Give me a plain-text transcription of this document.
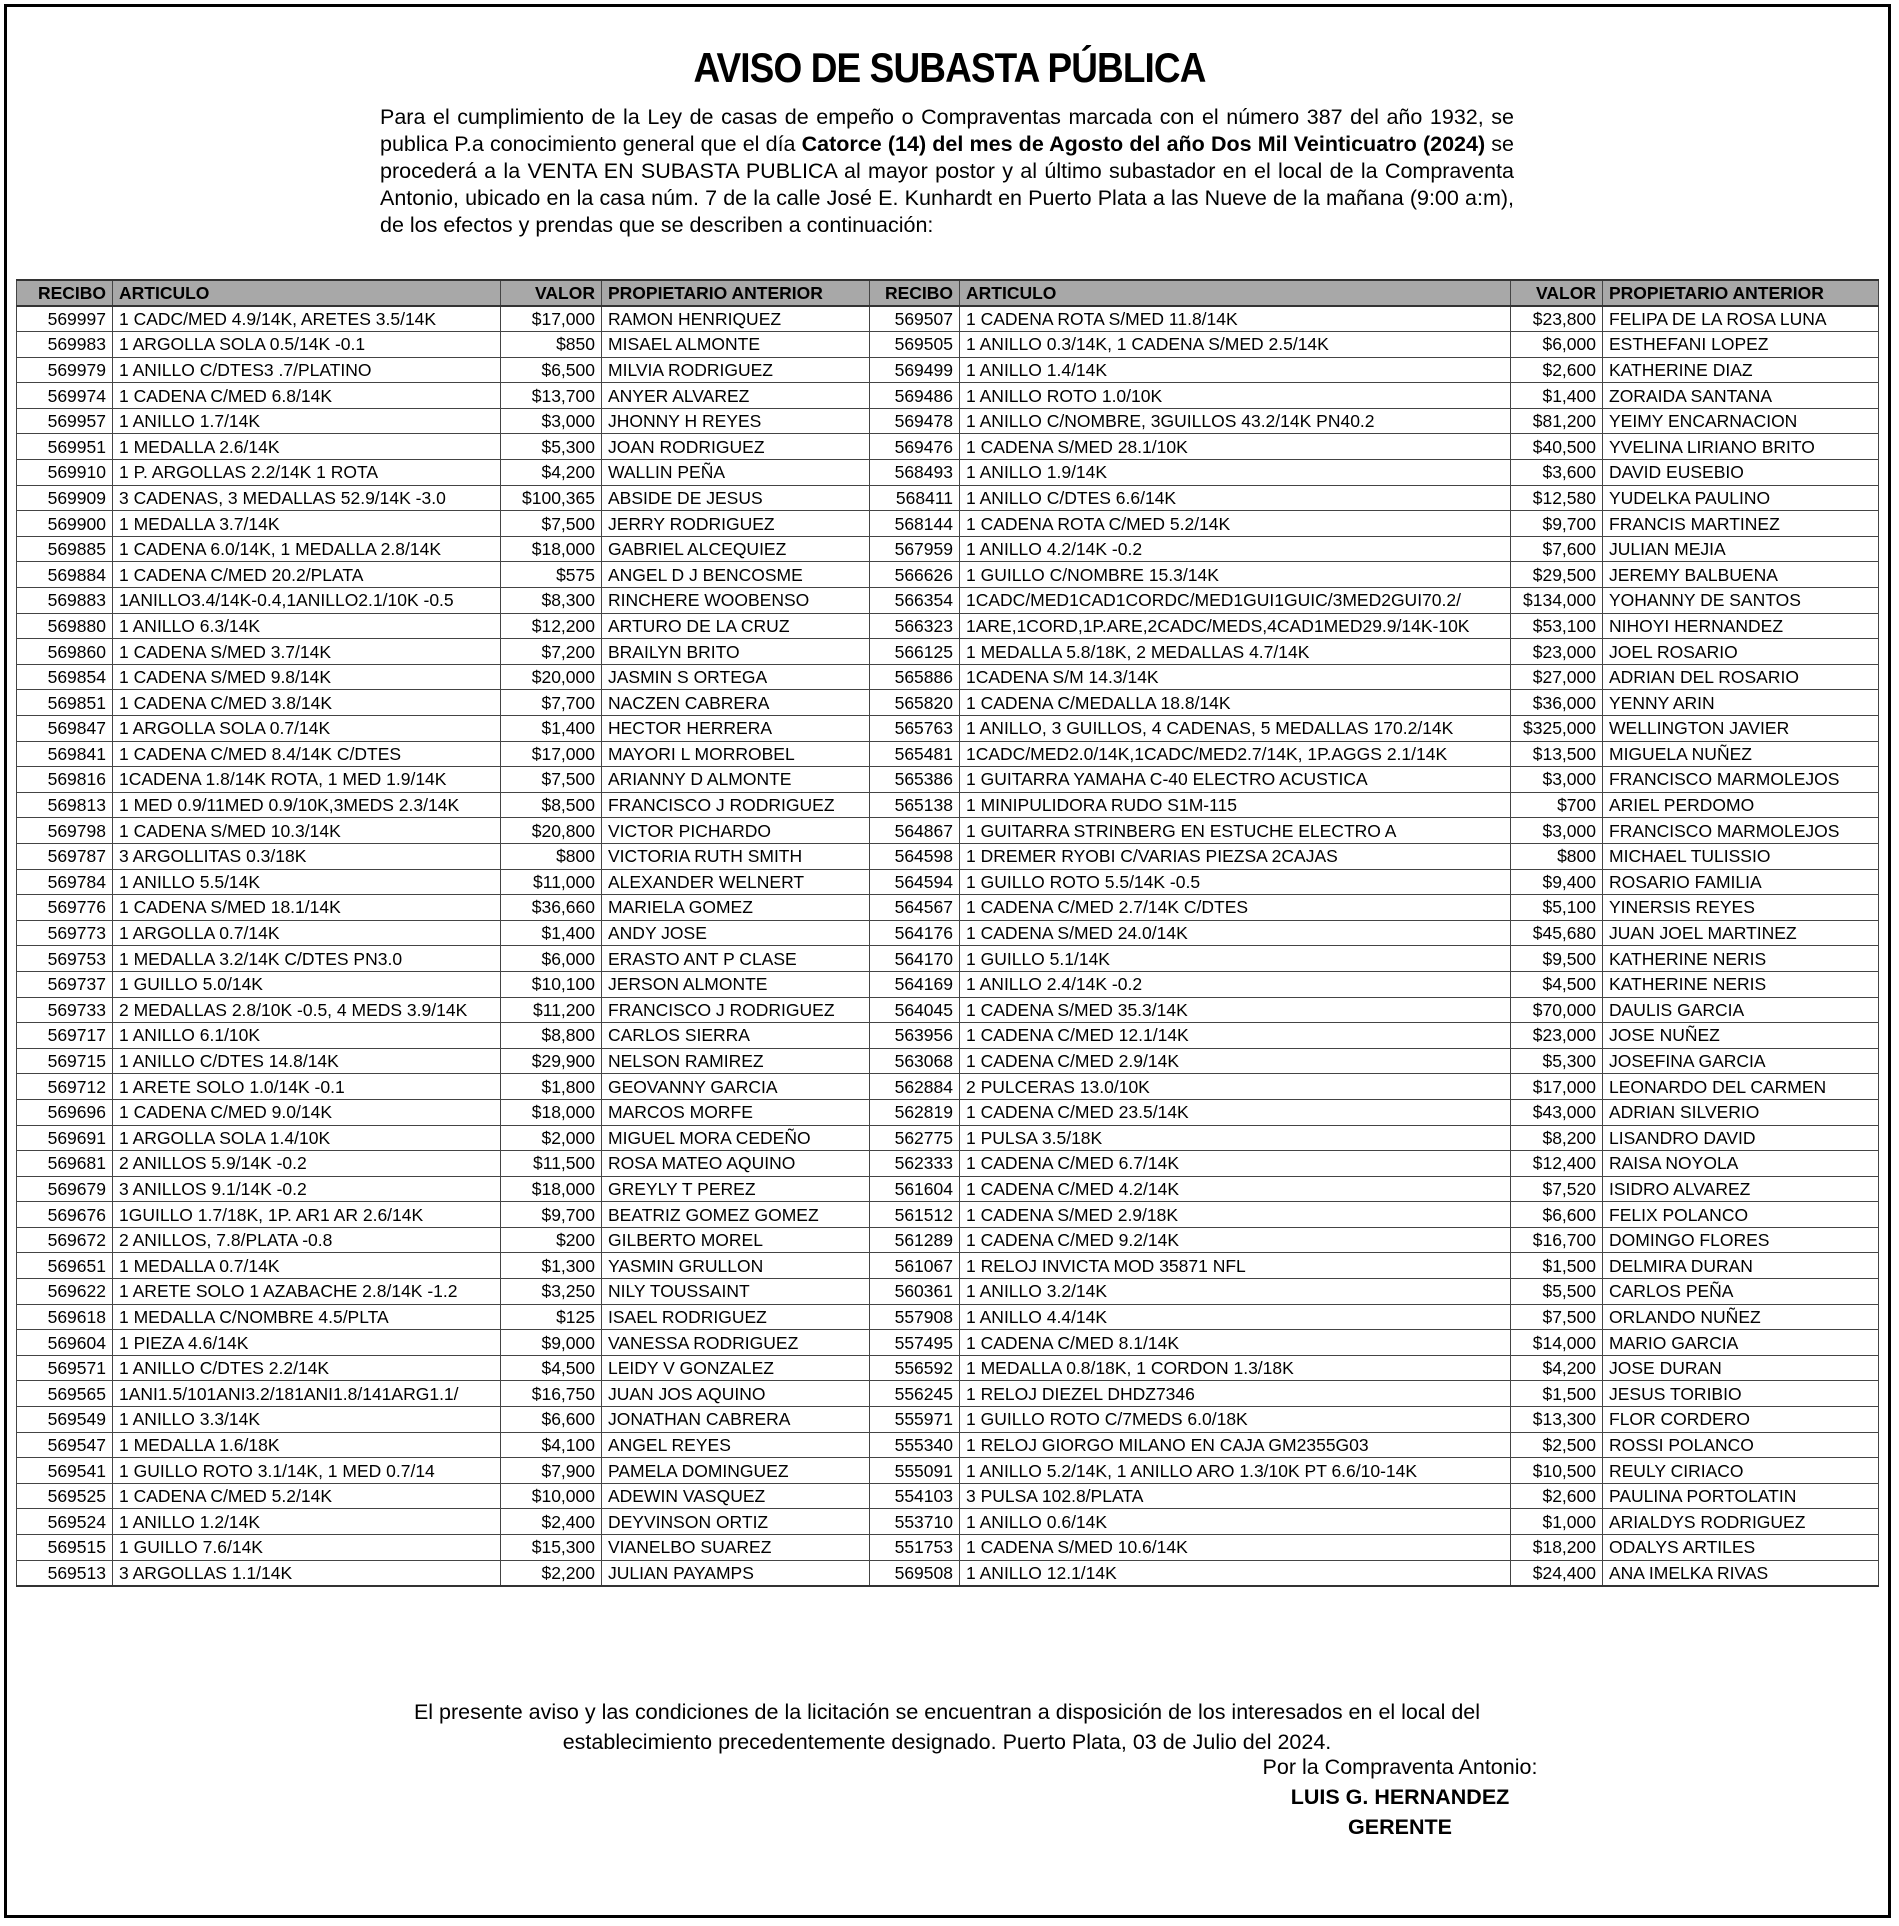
AVISO DE SUBASTA PÚBLICA
Para el cumplimiento de la Ley de casas de empeño o Compraventas marcada con el número 387 del año 1932, se publica P.a conocimiento general que el día Catorce (14) del mes de Agosto del año Dos Mil Veinticuatro (2024) se procederá a la VENTA EN SUBASTA PUBLICA al mayor postor y al último subastador en el local de la Compraventa Antonio, ubicado en la casa núm. 7 de la calle José E. Kunhardt en Puerto Plata a las Nueve de la mañana (9:00 a:m), de los efectos y prendas que se describen a continuación:
RECIBO	ARTICULO	VALOR	PROPIETARIO ANTERIOR	RECIBO	ARTICULO	VALOR	PROPIETARIO ANTERIOR
569997	1 CADC/MED 4.9/14K, ARETES 3.5/14K	$17,000	RAMON HENRIQUEZ	569507	1 CADENA ROTA S/MED 11.8/14K	$23,800	FELIPA DE LA ROSA LUNA
569983	1 ARGOLLA SOLA 0.5/14K -0.1	$850	MISAEL ALMONTE	569505	1 ANILLO 0.3/14K, 1 CADENA S/MED 2.5/14K	$6,000	ESTHEFANI LOPEZ
569979	1 ANILLO C/DTES3 .7/PLATINO	$6,500	MILVIA RODRIGUEZ	569499	1 ANILLO 1.4/14K	$2,600	KATHERINE DIAZ
569974	1 CADENA C/MED 6.8/14K	$13,700	ANYER ALVAREZ	569486	1 ANILLO ROTO 1.0/10K	$1,400	ZORAIDA SANTANA
569957	1 ANILLO 1.7/14K	$3,000	JHONNY H REYES	569478	1 ANILLO C/NOMBRE, 3GUILLOS 43.2/14K PN40.2	$81,200	YEIMY ENCARNACION
569951	1 MEDALLA 2.6/14K	$5,300	JOAN RODRIGUEZ	569476	1 CADENA S/MED 28.1/10K	$40,500	YVELINA LIRIANO BRITO
569910	1 P. ARGOLLAS 2.2/14K 1 ROTA	$4,200	WALLIN PEÑA	568493	1 ANILLO 1.9/14K	$3,600	DAVID EUSEBIO
569909	3 CADENAS, 3 MEDALLAS 52.9/14K -3.0	$100,365	ABSIDE DE JESUS	568411	1 ANILLO C/DTES 6.6/14K	$12,580	YUDELKA PAULINO
569900	1 MEDALLA 3.7/14K	$7,500	JERRY RODRIGUEZ	568144	1 CADENA ROTA C/MED 5.2/14K	$9,700	FRANCIS MARTINEZ
569885	1 CADENA 6.0/14K, 1 MEDALLA 2.8/14K	$18,000	GABRIEL ALCEQUIEZ	567959	1 ANILLO 4.2/14K -0.2	$7,600	JULIAN MEJIA
569884	1 CADENA C/MED 20.2/PLATA	$575	ANGEL D J BENCOSME	566626	1 GUILLO C/NOMBRE 15.3/14K	$29,500	JEREMY BALBUENA
569883	1ANILLO3.4/14K-0.4,1ANILLO2.1/10K -0.5	$8,300	RINCHERE WOOBENSO	566354	1CADC/MED1CAD1CORDC/MED1GUI1GUIC/3MED2GUI70.2/	$134,000	YOHANNY DE SANTOS
569880	1 ANILLO 6.3/14K	$12,200	ARTURO DE LA CRUZ	566323	1ARE,1CORD,1P.ARE,2CADC/MEDS,4CAD1MED29.9/14K-10K	$53,100	NIHOYI HERNANDEZ
569860	1 CADENA S/MED 3.7/14K	$7,200	BRAILYN BRITO	566125	1 MEDALLA 5.8/18K, 2 MEDALLAS 4.7/14K	$23,000	JOEL ROSARIO
569854	1 CADENA S/MED 9.8/14K	$20,000	JASMIN S ORTEGA	565886	1CADENA S/M 14.3/14K	$27,000	ADRIAN DEL ROSARIO
569851	1 CADENA C/MED 3.8/14K	$7,700	NACZEN CABRERA	565820	1 CADENA C/MEDALLA 18.8/14K	$36,000	YENNY ARIN
569847	1 ARGOLLA SOLA 0.7/14K	$1,400	HECTOR HERRERA	565763	1 ANILLO, 3 GUILLOS, 4 CADENAS, 5 MEDALLAS 170.2/14K	$325,000	WELLINGTON JAVIER
569841	1 CADENA C/MED 8.4/14K C/DTES	$17,000	MAYORI L MORROBEL	565481	1CADC/MED2.0/14K,1CADC/MED2.7/14K, 1P.AGGS 2.1/14K	$13,500	MIGUELA NUÑEZ
569816	1CADENA 1.8/14K ROTA, 1 MED 1.9/14K	$7,500	ARIANNY D ALMONTE	565386	1 GUITARRA YAMAHA C-40 ELECTRO ACUSTICA	$3,000	FRANCISCO MARMOLEJOS
569813	1 MED 0.9/11MED 0.9/10K,3MEDS 2.3/14K	$8,500	FRANCISCO J RODRIGUEZ	565138	1 MINIPULIDORA RUDO S1M-115	$700	ARIEL PERDOMO
569798	1 CADENA S/MED 10.3/14K	$20,800	VICTOR PICHARDO	564867	1 GUITARRA STRINBERG EN ESTUCHE ELECTRO A	$3,000	FRANCISCO MARMOLEJOS
569787	3 ARGOLLITAS 0.3/18K	$800	VICTORIA RUTH SMITH	564598	1 DREMER RYOBI C/VARIAS PIEZSA 2CAJAS	$800	MICHAEL TULISSIO
569784	1 ANILLO 5.5/14K	$11,000	ALEXANDER WELNERT	564594	1 GUILLO ROTO 5.5/14K -0.5	$9,400	ROSARIO FAMILIA
569776	1 CADENA S/MED 18.1/14K	$36,660	MARIELA GOMEZ	564567	1 CADENA C/MED 2.7/14K C/DTES	$5,100	YINERSIS REYES
569773	1 ARGOLLA 0.7/14K	$1,400	ANDY JOSE	564176	1 CADENA S/MED 24.0/14K	$45,680	JUAN JOEL MARTINEZ
569753	1 MEDALLA 3.2/14K C/DTES PN3.0	$6,000	ERASTO ANT P CLASE	564170	1 GUILLO 5.1/14K	$9,500	KATHERINE NERIS
569737	1 GUILLO 5.0/14K	$10,100	JERSON ALMONTE	564169	1 ANILLO 2.4/14K -0.2	$4,500	KATHERINE NERIS
569733	2 MEDALLAS 2.8/10K -0.5, 4 MEDS 3.9/14K	$11,200	FRANCISCO J RODRIGUEZ	564045	1 CADENA S/MED 35.3/14K	$70,000	DAULIS GARCIA
569717	1 ANILLO 6.1/10K	$8,800	CARLOS SIERRA	563956	1 CADENA C/MED 12.1/14K	$23,000	JOSE NUÑEZ
569715	1 ANILLO C/DTES 14.8/14K	$29,900	NELSON RAMIREZ	563068	1 CADENA C/MED 2.9/14K	$5,300	JOSEFINA GARCIA
569712	1 ARETE SOLO 1.0/14K -0.1	$1,800	GEOVANNY GARCIA	562884	2 PULCERAS 13.0/10K	$17,000	LEONARDO DEL CARMEN
569696	1 CADENA C/MED 9.0/14K	$18,000	MARCOS MORFE	562819	1 CADENA C/MED 23.5/14K	$43,000	ADRIAN SILVERIO
569691	1 ARGOLLA SOLA 1.4/10K	$2,000	MIGUEL MORA CEDEÑO	562775	1 PULSA 3.5/18K	$8,200	LISANDRO DAVID
569681	2 ANILLOS 5.9/14K -0.2	$11,500	ROSA MATEO AQUINO	562333	1 CADENA C/MED 6.7/14K	$12,400	RAISA NOYOLA
569679	3 ANILLOS 9.1/14K -0.2	$18,000	GREYLY T PEREZ	561604	1 CADENA C/MED 4.2/14K	$7,520	ISIDRO ALVAREZ
569676	1GUILLO 1.7/18K, 1P. AR1 AR 2.6/14K	$9,700	BEATRIZ GOMEZ GOMEZ	561512	1 CADENA S/MED 2.9/18K	$6,600	FELIX POLANCO
569672	2 ANILLOS, 7.8/PLATA -0.8	$200	GILBERTO MOREL	561289	1 CADENA C/MED 9.2/14K	$16,700	DOMINGO FLORES
569651	1 MEDALLA 0.7/14K	$1,300	YASMIN GRULLON	561067	1 RELOJ INVICTA MOD 35871 NFL	$1,500	DELMIRA DURAN
569622	1 ARETE SOLO 1 AZABACHE 2.8/14K -1.2	$3,250	NILY TOUSSAINT	560361	1 ANILLO 3.2/14K	$5,500	CARLOS PEÑA
569618	1 MEDALLA C/NOMBRE 4.5/PLTA	$125	ISAEL RODRIGUEZ	557908	1 ANILLO 4.4/14K	$7,500	ORLANDO NUÑEZ
569604	1 PIEZA 4.6/14K	$9,000	VANESSA RODRIGUEZ	557495	1 CADENA C/MED 8.1/14K	$14,000	MARIO GARCIA
569571	1 ANILLO C/DTES 2.2/14K	$4,500	LEIDY V GONZALEZ	556592	1 MEDALLA 0.8/18K, 1 CORDON 1.3/18K	$4,200	JOSE DURAN
569565	1ANI1.5/101ANI3.2/181ANI1.8/141ARG1.1/	$16,750	JUAN JOS AQUINO	556245	1 RELOJ DIEZEL DHDZ7346	$1,500	JESUS TORIBIO
569549	1 ANILLO 3.3/14K	$6,600	JONATHAN CABRERA	555971	1 GUILLO ROTO C/7MEDS 6.0/18K	$13,300	FLOR CORDERO
569547	1 MEDALLA 1.6/18K	$4,100	ANGEL REYES	555340	1 RELOJ GIORGO MILANO EN CAJA GM2355G03	$2,500	ROSSI POLANCO
569541	1 GUILLO ROTO 3.1/14K, 1 MED 0.7/14	$7,900	PAMELA DOMINGUEZ	555091	1 ANILLO 5.2/14K, 1 ANILLO ARO 1.3/10K PT 6.6/10-14K	$10,500	REULY CIRIACO
569525	1 CADENA C/MED 5.2/14K	$10,000	ADEWIN VASQUEZ	554103	3 PULSA 102.8/PLATA	$2,600	PAULINA PORTOLATIN
569524	1 ANILLO 1.2/14K	$2,400	DEYVINSON ORTIZ	553710	1 ANILLO 0.6/14K	$1,000	ARIALDYS RODRIGUEZ
569515	1 GUILLO 7.6/14K	$15,300	VIANELBO SUAREZ	551753	1 CADENA S/MED 10.6/14K	$18,200	ODALYS ARTILES
569513	3 ARGOLLAS 1.1/14K	$2,200	JULIAN PAYAMPS	569508	1 ANILLO 12.1/14K	$24,400	ANA IMELKA RIVAS
El presente aviso y las condiciones de la licitación se encuentran a disposición de los interesados en el local del
establecimiento precedentemente designado. Puerto Plata, 03 de Julio del 2024.
Por la Compraventa Antonio:
LUIS G. HERNANDEZ
GERENTE
